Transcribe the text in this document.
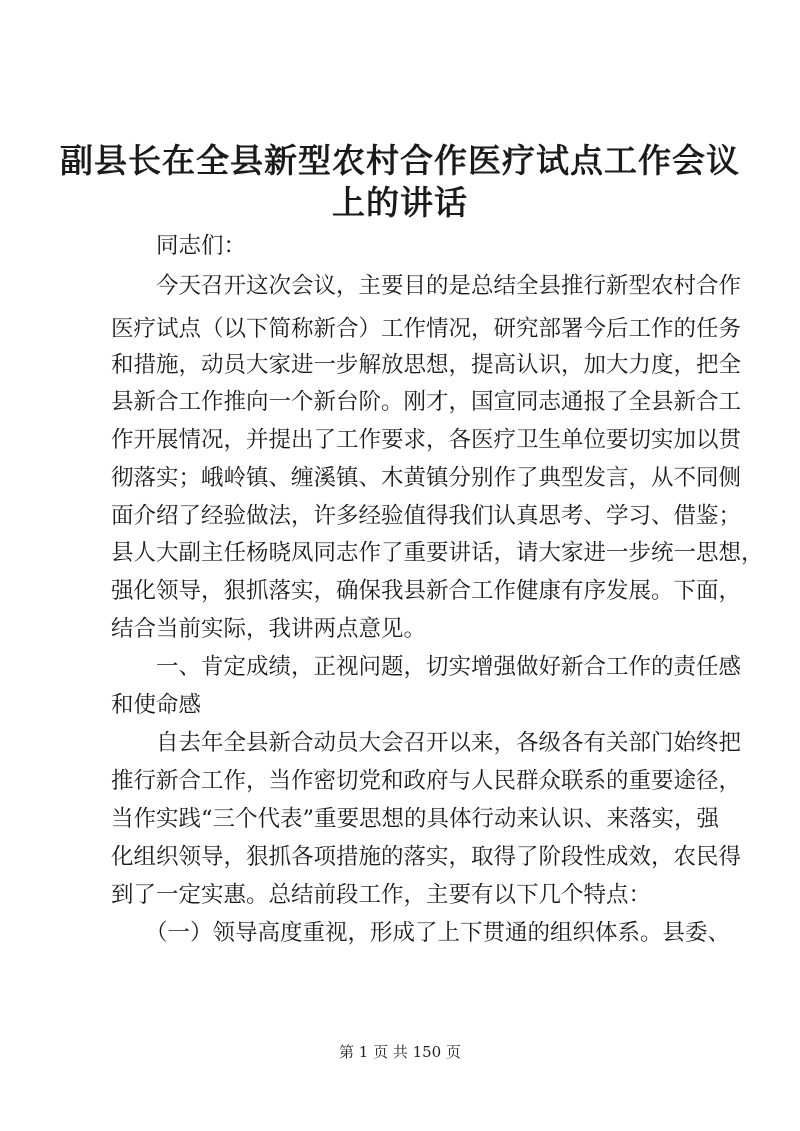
副县长在全县新型农村合作医疗试点工作会议
上的讲话

同志们：

今天召开这次会议，主要目的是总结全县推行新型农村合作

医疗试点（以下简称新合）工作情况，研究部署今后工作的任务

和措施，动员大家进一步解放思想，提高认识，加大力度，把全

县新合工作推向一个新台阶。刚才，国宣同志通报了全县新合工

作开展情况，并提出了工作要求，各医疗卫生单位要切实加以贯

彻落实；峨岭镇、缠溪镇、木黄镇分别作了典型发言，从不同侧

面介绍了经验做法，许多经验值得我们认真思考、学习、借鉴；

县人大副主任杨晓凤同志作了重要讲话，请大家进一步统一思想，

强化领导，狠抓落实，确保我县新合工作健康有序发展。下面，

结合当前实际，我讲两点意见。

一、肯定成绩，正视问题，切实增强做好新合工作的责任感

和使命感

自去年全县新合动员大会召开以来，各级各有关部门始终把

推行新合工作，当作密切党和政府与人民群众联系的重要途径，

当作实践“三个代表”重要思想的具体行动来认识、来落实，强

化组织领导，狠抓各项措施的落实，取得了阶段性成效，农民得

到了一定实惠。总结前段工作，主要有以下几个特点：

（一）领导高度重视，形成了上下贯通的组织体系。县委、

第 1 页 共 150 页
